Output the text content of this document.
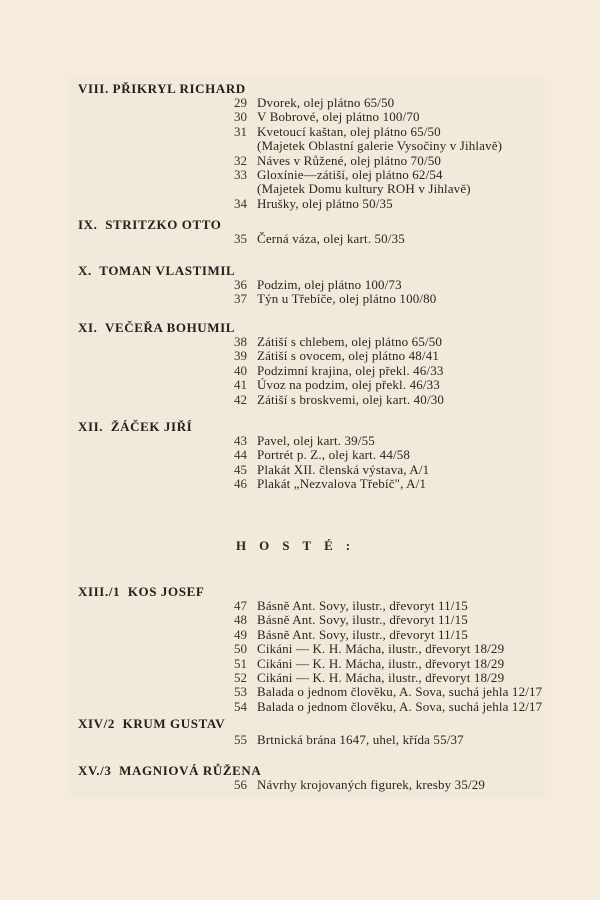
VIII. PŘIKRYL RICHARD
29 Dvorek, olej plátno 65/50
30 V Bobrové, olej plátno 100/70
31 Kvetoucí kaštan, olej plátno 65/50
(Majetek Oblastní galerie Vysočiny v Jihlavě)
32 Náves v Růžené, olej plátno 70/50
33 Gloxínie—zátiší, olej plátno 62/54
(Majetek Domu kultury ROH v Jihlavě)
34 Hrušky, olej plátno 50/35
IX.  STRITZKO OTTO
35 Černá váza, olej kart. 50/35
X.  TOMAN VLASTIMIL
36 Podzim, olej plátno 100/73
37 Týn u Třebíče, olej plátno 100/80
XI.  VEČEŘA BOHUMIL
38 Zátiší s chlebem, olej plátno 65/50
39 Zátiší s ovocem, olej plátno 48/41
40 Podzimní krajina, olej překl. 46/33
41 Úvoz na podzim, olej překl. 46/33
42 Zátiší s broskvemi, olej kart. 40/30
XII.  ŽÁČEK JIŘÍ
43 Pavel, olej kart. 39/55
44 Portrét p. Z., olej kart. 44/58
45 Plakát XII. členská výstava, A/1
46 Plakát „Nezvalova Třebíč", A/1
HOSTÉ:
XIII./1  KOS JOSEF
47 Básně Ant. Sovy, ilustr., dřevoryt 11/15
48 Básně Ant. Sovy, ilustr., dřevoryt 11/15
49 Básně Ant. Sovy, ilustr., dřevoryt 11/15
50 Cikáni — K. H. Mácha, ilustr., dřevoryt 18/29
51 Cikáni — K. H. Mácha, ilustr., dřevoryt 18/29
52 Cikáni — K. H. Mácha, ilustr., dřevoryt 18/29
53 Balada o jednom člověku, A. Sova, suchá jehla 12/17
54 Balada o jednom člověku, A. Sova, suchá jehla 12/17
XIV/2  KRUM GUSTAV
55 Brtnická brána 1647, uhel, křída 55/37
XV./3  MAGNIOVÁ RŮŽENA
56 Návrhy krojovaných figurek, kresby 35/29
